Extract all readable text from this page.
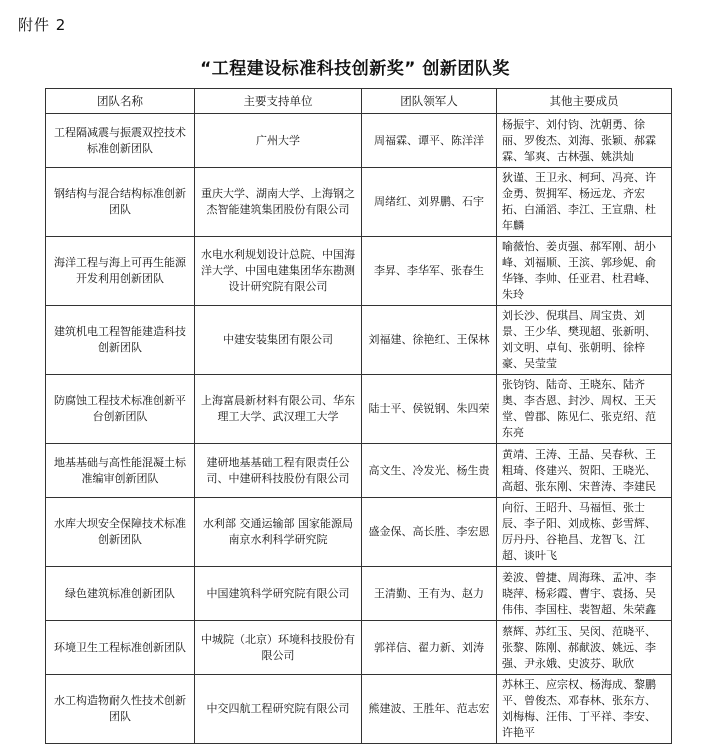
附件 2
“工程建设标准科技创新奖” 创新团队奖
团队名称	主要支持单位	团队领军人	其他主要成员
工程隔减震与振震双控技术标准创新团队	广州大学	周福霖、谭平、陈洋洋	杨振宇、刘付钧、沈朝勇、徐丽、罗俊杰、刘海、张颖、郝霖霖、邹爽、古林强、姚洪灿
钢结构与混合结构标准创新团队	重庆大学、湖南大学、上海钢之杰智能建筑集团股份有限公司	周绪红、刘界鹏、石宇	狄谨、王卫永、柯珂、冯亮、许金勇、贺拥军、杨远龙、齐宏拓、白涌滔、李江、王宣鼎、杜年麟
海洋工程与海上可再生能源开发利用创新团队	水电水利规划设计总院、中国海洋大学、中国电建集团华东勘测设计研究院有限公司	李昇、李华军、张春生	喻薇怡、姜贞强、郝军刚、胡小峰、刘福顺、王滨、郭珍妮、俞华锋、李帅、任亚君、杜君峰、朱玲
建筑机电工程智能建造科技创新团队	中建安装集团有限公司	刘福建、徐艳红、王保林	刘长沙、倪琪昌、周宝贵、刘景、王少华、樊现超、张新明、刘文明、卓旬、张朝明、徐梓豪、吴莹莹
防腐蚀工程技术标准创新平台创新团队	上海富晨新材料有限公司、华东理工大学、武汉理工大学	陆士平、侯锐钢、朱四荣	张钧钧、陆奇、王晓东、陆齐奥、李杏恩、封沙、周权、王天堂、曾郡、陈见仁、张克绍、范东亮
地基基础与高性能混凝土标准编审创新团队	建研地基基础工程有限责任公司、中建研科技股份有限公司	高文生、冷发光、杨生贵	黄靖、王涛、王晶、吴春秋、王粗琦、佟建兴、贺阳、王晓光、高超、张东刚、宋普涛、李建民
水库大坝安全保障技术标准创新团队	水利部 交通运输部 国家能源局南京水利科学研究院	盛金保、高长胜、李宏恩	向衍、王昭升、马福恒、张士辰、李子阳、刘成栋、彭雪辉、厉丹丹、谷艳昌、龙智飞、江超、谈叶飞
绿色建筑标准创新团队	中国建筑科学研究院有限公司	王清勤、王有为、赵力	姜波、曾捷、周海珠、孟冲、李晓萍、杨彩霞、曹宇、袁扬、吴伟伟、李国柱、裴智超、朱荣鑫
环境卫生工程标准创新团队	中城院（北京）环境科技股份有限公司	郭祥信、翟力新、刘涛	蔡辉、苏红玉、吴闵、范晓平、张黎、陈刚、郝献波、姚远、李强、尹永娥、史波芬、耿欣
水工构造物耐久性技术创新团队	中交四航工程研究院有限公司	熊建波、王胜年、范志宏	苏林王、应宗权、杨海成、黎鹏平、曾俊杰、邓春林、张东方、刘梅梅、汪伟、丁平祥、李安、许艳平
